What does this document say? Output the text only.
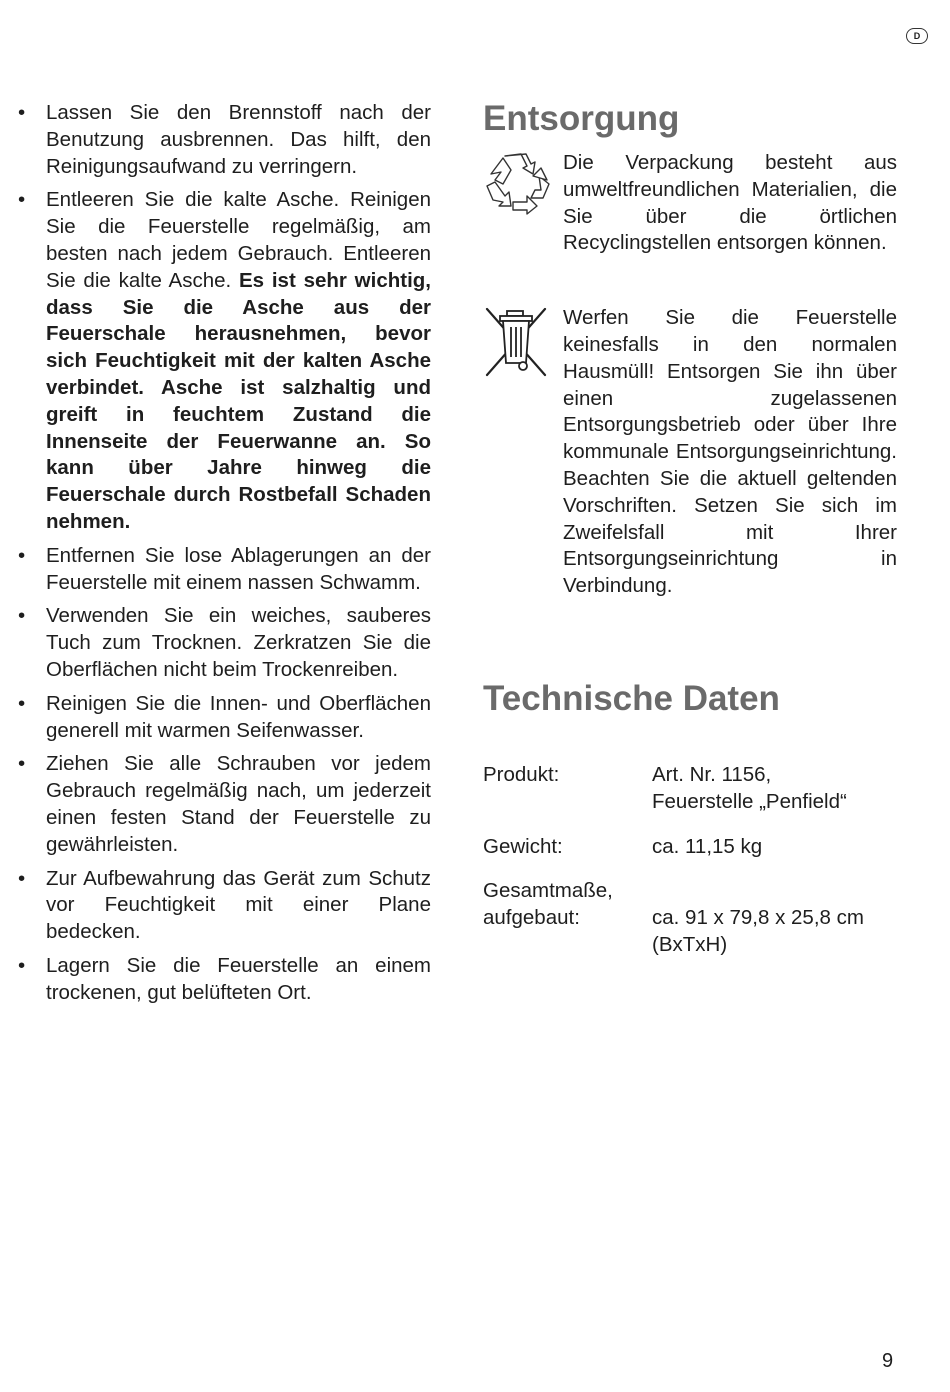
D
•	Lassen Sie den Brennstoff nach der Benutzung ausbrennen. Das hilft, den Reinigungsaufwand zu verringern.
•	Entleeren Sie die kalte Asche. Reinigen Sie die Feuerstelle regelmäßig, am besten nach jedem Gebrauch. Entleeren Sie die kalte Asche. Es ist sehr wichtig, dass Sie die Asche aus der Feuerschale herausnehmen, bevor sich Feuchtigkeit mit der kalten Asche verbindet. Asche ist salzhaltig und greift in feuchtem Zustand die Innenseite der Feuerwanne an. So kann über Jahre hinweg die Feuerschale durch Rostbefall Schaden nehmen.
•	Entfernen Sie lose Ablagerungen an der Feuerstelle mit einem nassen Schwamm.
•	Verwenden Sie ein weiches, sauberes Tuch zum Trocknen. Zerkratzen Sie die Oberflächen nicht beim Trockenreiben.
•	Reinigen Sie die Innen- und Oberflächen generell mit warmen Seifenwasser.
•	Ziehen Sie alle Schrauben vor jedem Gebrauch regelmäßig nach, um jederzeit einen festen Stand der Feuerstelle zu gewährleisten.
•	Zur Aufbewahrung das Gerät zum Schutz vor Feuchtigkeit mit einer Plane bedecken.
•	Lagern Sie die Feuerstelle an einem trockenen, gut belüfteten Ort.
Entsorgung
Die Verpackung besteht aus umweltfreundlichen Materialien, die Sie über die örtlichen Recyclingstellen entsorgen können.
Werfen Sie die Feuerstelle keinesfalls in den normalen Hausmüll! Entsorgen Sie ihn über einen zugelassenen Entsorgungsbetrieb oder über Ihre kommunale Entsorgungseinrichtung. Beachten Sie die aktuell geltenden Vorschriften. Setzen Sie sich im Zweifelsfall mit Ihrer Entsorgungseinrichtung in Verbindung.
Technische Daten
Produkt:	Art. Nr. 1156,
Feuerstelle „Penfield“
Gewicht:	ca. 11,15 kg
Gesamtmaße,
aufgebaut:	ca. 91 x 79,8 x 25,8 cm
(BxTxH)
9
